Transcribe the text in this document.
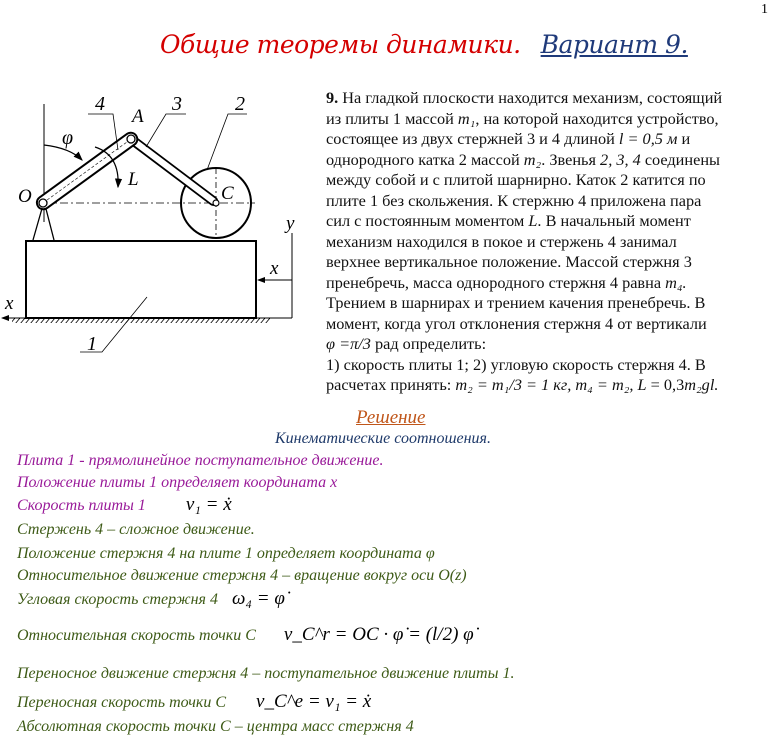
1
Общие теоремы динамики. Вариант 9.
4
A
3	2
φ
L
O	C
y
x
x
1
9. На гладкой плоскости находится механизм, состоящий
из плиты 1 массой m₁, на которой находится устройство,
состоящее из двух стержней 3 и 4 длиной l = 0,5 м и
однородного катка 2 массой m₂. Звенья 2, 3, 4 соединены
между собой и с плитой шарнирно. Каток 2 катится по
плите 1 без скольжения. К стержню 4 приложена пара
сил с постоянным моментом L. В начальный момент
механизм находился в покое и стержень 4 занимал
верхнее вертикальное положение. Массой стержня 3
пренебречь, масса однородного стержня 4 равна m₄.
Трением в шарнирах и трением качения пренебречь. В
момент, когда угол отклонения стержня 4 от вертикали
φ =π/3 рад определить:
1) скорость плиты 1; 2) угловую скорость стержня 4. В
расчетах принять: m₂ = m₁/3 = 1 кг, m₄ = m₂, L = 0,3m₂gl.
Решение
Кинематические соотношения.
Плита 1 - прямолинейное поступательное движение.
Положение плиты 1 определяет координата x
Скорость плиты 1 v₁ = ẋ
Стержень 4 – сложное движение.
Положение стержня 4 на плите 1 определяет координата φ
Относительное движение стержня 4 – вращение вокруг оси O(z)
Угловая скорость стержня 4 ω₄ = φ̇
Относительная скорость точки C v_C^r = OC · φ̇ = (l/2) φ̇
Переносное движение стержня 4 – поступательное движение плиты 1.
Переносная скорость точки C v_C^e = v₁ = ẋ
Абсолютная скорость точки C – центра масс стержня 4
